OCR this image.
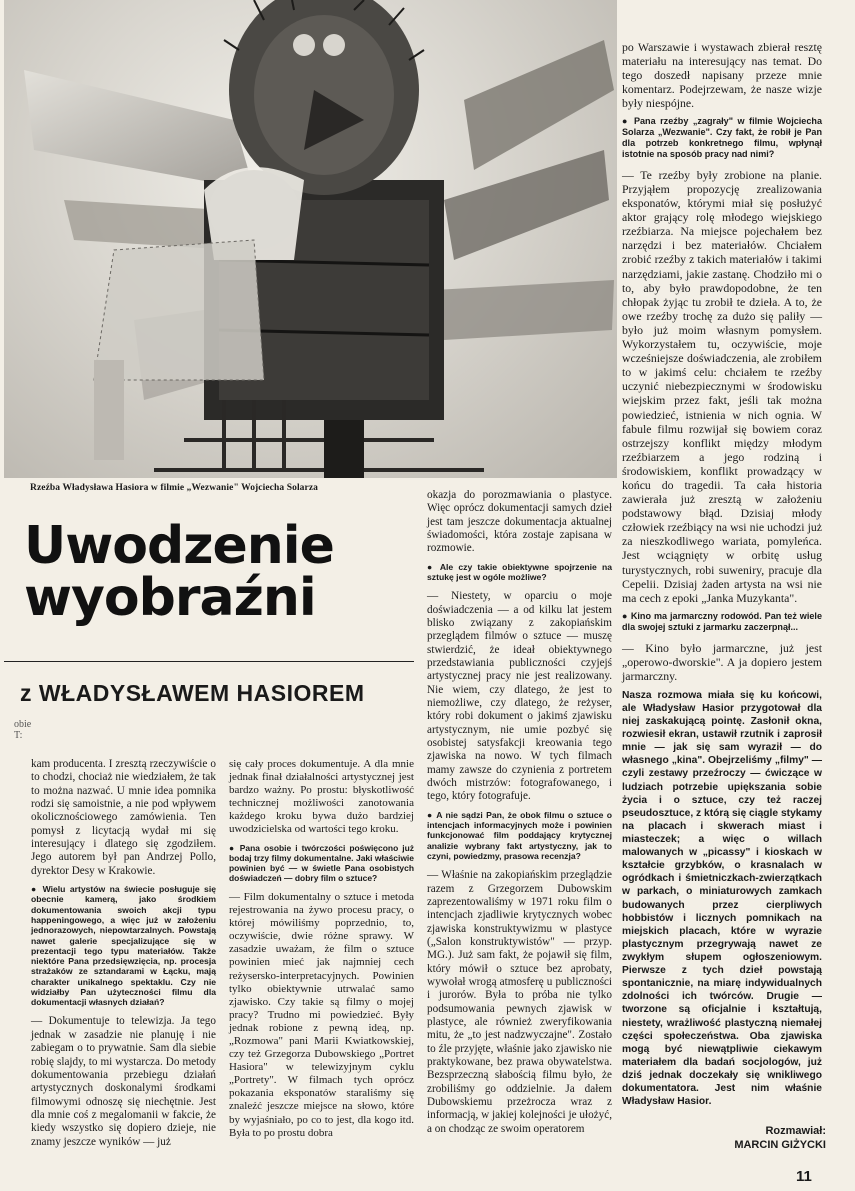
Rzeźba Władysława Hasiora w filmie „Wezwanie" Wojciecha Solarza
Uwodzenie wyobraźni
z WŁADYSŁAWEM HASIOREM
obie
T:

kam producenta. I zresztą rzeczywiście o to chodzi, chociaż nie wiedziałem, że tak to można nazwać. U mnie idea pomnika rodzi się samoistnie, a nie pod wpływem okolicznościowego zamówienia. Ten pomysł z licytacją wydał mi się interesujący i dlatego się zgodziłem. Jego autorem był pan Andrzej Pollo, dyrektor Desy w Krakowie.

● Wielu artystów na świecie posługuje się obecnie kamerą, jako środkiem dokumentowania swoich akcji typu happeningowego, a więc już w założeniu jednorazowych, niepowtarzalnych. Powstają nawet galerie specjalizujące się w prezentacji tego typu materiałów. Także niektóre Pana przedsięwzięcia, np. procesja strażaków ze sztandarami w Łącku, mają charakter unikalnego spektaklu. Czy nie widziałby Pan użyteczności filmu dla dokumentacji własnych działań?

— Dokumentuje to telewizja. Ja tego jednak w zasadzie nie planuję i nie zabiegam o to prywatnie. Sam dla siebie robię slajdy, to mi wystarcza. Do metody dokumentowania przebiegu działań artystycznych doskonalymi środkami filmowymi odnoszę się niechętnie. Jest dla mnie coś z megalomanii w fakcie, że kiedy wszystko się dopiero dzieje, nie znamy jeszcze wyników — już

się cały proces dokumentuje. A dla mnie jednak finał działalności artystycznej jest bardzo ważny. Po prostu: błyskotliwość technicznej możliwości zanotowania każdego kroku bywa dużo bardziej uwodzicielska od wartości tego kroku.

● Pana osobie i twórczości poświęcono już bodaj trzy filmy dokumentalne. Jaki właściwie powinien być — w świetle Pana osobistych doświadczeń — dobry film o sztuce?

— Film dokumentalny o sztuce i metoda rejestrowania na żywo procesu pracy, o której mówiliśmy poprzednio, to, oczywiście, dwie różne sprawy. W zasadzie uważam, że film o sztuce powinien mieć jak najmniej cech reżysersko-interpretacyjnych. Powinien tylko obiektywnie utrwalać samo zjawisko. Czy takie są filmy o mojej pracy? Trudno mi powiedzieć. Były jednak robione z pewną ideą, np. „Rozmowa" pani Marii Kwiatkowskiej, czy też Grzegorza Dubowskiego „Portret Hasiora" w telewizyjnym cyklu „Portrety". W filmach tych oprócz pokazania eksponatów staraliśmy się znaleźć jeszcze miejsce na słowo, które by wyjaśniało, po co to jest, dla kogo itd. Była to po prostu dobra

okazja do porozmawiania o plastyce. Więc oprócz dokumentacji samych dzieł jest tam jeszcze dokumentacja aktualnej świadomości, która zostaje zapisana w rozmowie.

● Ale czy takie obiektywne spojrzenie na sztukę jest w ogóle możliwe?

— Niestety, w oparciu o moje doświadczenia — a od kilku lat jestem blisko związany z zakopiańskim przeglądem filmów o sztuce — muszę stwierdzić, że ideał obiektywnego przedstawiania publiczności czyjejś artystycznej pracy nie jest realizowany. Nie wiem, czy dlatego, że jest to niemożliwe, czy dlatego, że reżyser, który robi dokument o jakimś zjawisku artystycznym, nie umie pozbyć się osobistej satysfakcji kreowania tego zjawiska na nowo. W tych filmach mamy zawsze do czynienia z portretem dwóch mistrzów: fotografowanego, i tego, który fotografuje.

● A nie sądzi Pan, że obok filmu o sztuce o intencjach informacyjnych może i powinien funkcjonować film poddający krytycznej analizie wybrany fakt artystyczny, jak to czyni, powiedzmy, prasowa recenzja?

— Właśnie na zakopiańskim przeglądzie razem z Grzegorzem Dubowskim zaprezentowaliśmy w 1971 roku film o intencjach zjadliwie krytycznych wobec zjawiska konstruktywizmu w plastyce („Salon konstruktywistów" — przyp. MG.). Już sam fakt, że pojawił się film, który mówił o sztuce bez aprobaty, wywołał wrogą atmosferę u publiczności i jurorów. Była to próba nie tylko podsumowania pewnych zjawisk w plastyce, ale również zweryfikowania mitu, że „to jest nadzwyczajne". Zostało to źle przyjęte, właśnie jako zjawisko nie praktykowane, bez prawa obywatelstwa. Bezsprzeczną słabością filmu było, że zrobiliśmy go oddzielnie. Ja dałem Dubowskiemu przeżrocza wraz z informacją, w jakiej kolejności je ułożyć, a on chodząc ze swoim operatorem

po Warszawie i wystawach zbierał resztę materiału na interesujący nas temat. Do tego doszedł napisany przeze mnie komentarz. Podejrzewam, że nasze wizje były niespójne.

● Pana rzeźby „zagrały" w filmie Wojciecha Solarza „Wezwanie". Czy fakt, że robił je Pan dla potrzeb konkretnego filmu, wpłynął istotnie na sposób pracy nad nimi?

— Te rzeźby były zrobione na planie. Przyjąłem propozycję zrealizowania eksponatów, którymi miał się posłużyć aktor grający rolę młodego wiejskiego rzeźbiarza. Na miejsce pojechałem bez narzędzi i bez materiałów. Chciałem zrobić rzeźby z takich materiałów i takimi narzędziami, jakie zastanę. Chodziło mi o to, aby było prawdopodobne, że ten chłopak żyjąc tu zrobił te dzieła. A to, że owe rzeźby trochę za dużo się paliły — było już moim własnym pomysłem. Wykorzystałem tu, oczywiście, moje wcześniejsze doświadczenia, ale zrobiłem to w jakimś celu: chciałem te rzeźby uczynić niebezpiecznymi w środowisku wiejskim przez fakt, jeśli tak można powiedzieć, istnienia w nich ognia. W fabule filmu rozwijał się bowiem coraz ostrzejszy konflikt między młodym rzeźbiarzem a jego rodziną i środowiskiem, konflikt prowadzący w końcu do tragedii. Ta cała historia zawierała już zresztą w założeniu podstawowy błąd. Dzisiaj młody człowiek rzeźbiący na wsi nie uchodzi już za nieszkodliwego wariata, pomyleńca. Jest wciągnięty w orbitę usług turystycznych, robi suweniry, pracuje dla Cepelii. Dzisiaj żaden artysta na wsi nie ma cech z epoki „Janka Muzykanta".

● Kino ma jarmarczny rodowód. Pan też wiele dla swojej sztuki z jarmarku zaczerpnął...

— Kino było jarmarczne, już jest „operowo-dworskie". A ja dopiero jestem jarmarczny.

Nasza rozmowa miała się ku końcowi, ale Władysław Hasior przygotował dla niej zaskakującą pointę. Zasłonił okna, rozwiesił ekran, ustawił rzutnik i zaprosił mnie — jak się sam wyraził — do własnego „kina". Obejrzeliśmy „filmy" — czyli zestawy przeźroczy — ćwiczące w ludziach potrzebie upiększania sobie życia i o sztuce, czy też raczej pseudosztuce, z którą się ciągle stykamy na placach i skwerach miast i miasteczek; a więc o willach malowanych w „picassy" i kioskach w kształcie grzybków, o krasnalach w ogródkach i śmietniczkach-zwierzątkach w parkach, o miniaturowych zamkach budowanych przez cierpliwych hobbistów i licznych pomnikach na miejskich placach, które w wyrazie plastycznym przegrywają nawet ze zwykłym słupem ogłoszeniowym. Pierwsze z tych dzieł powstają spontanicznie, na miarę indywidualnych zdolności ich twórców. Drugie — tworzone są oficjalnie i kształtują, niestety, wrażliwość plastyczną niemałej części społeczeństwa. Oba zjawiska mogą być niewątpliwie ciekawym materiałem dla badań socjologów, już dziś jednak doczekały się wnikliwego dokumentatora. Jest nim właśnie Władysław Hasior.

Rozmawiał:
MARCIN GIŻYCKI
11
